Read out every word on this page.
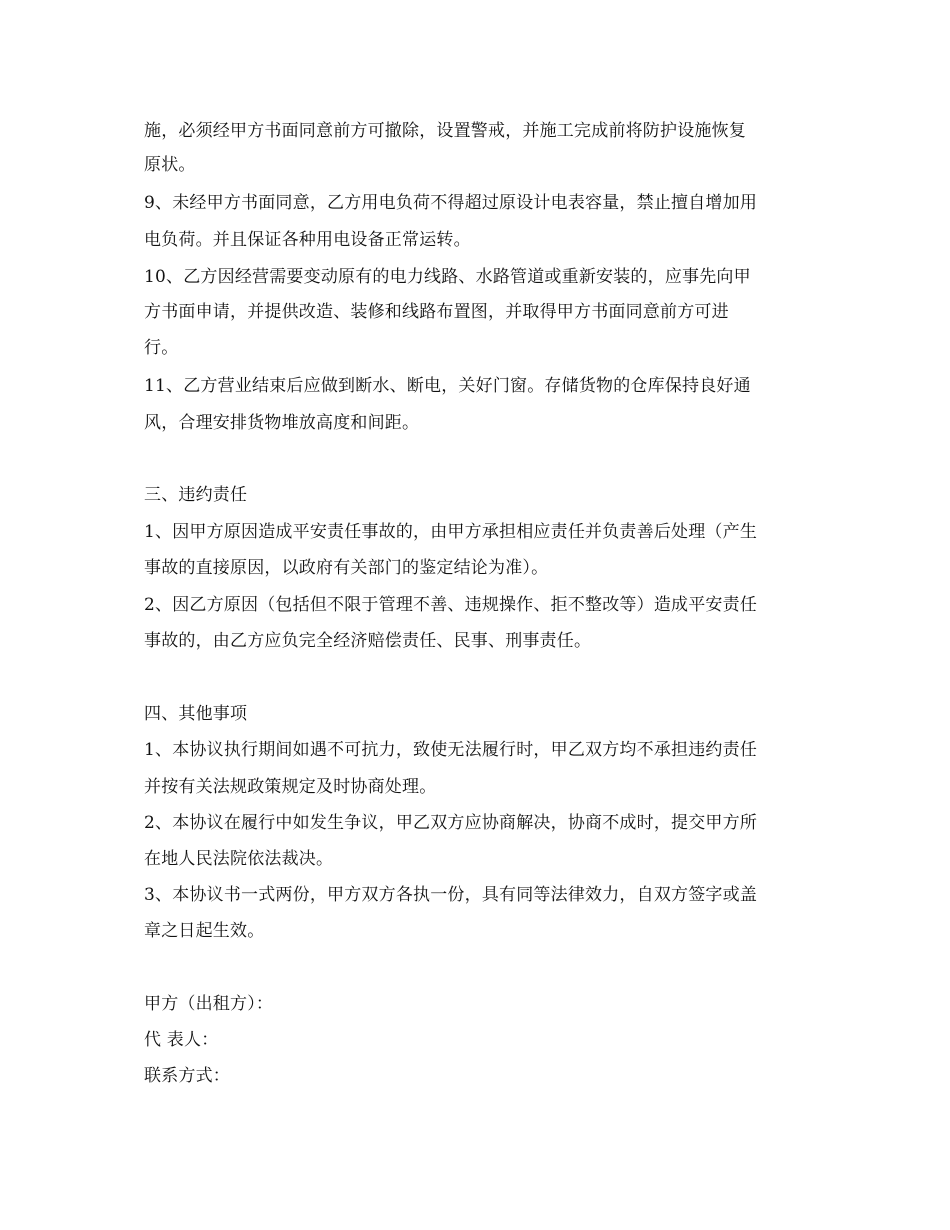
施，必须经甲方书面同意前方可撤除，设置警戒，并施工完成前将防护设施恢复
原状。
9、未经甲方书面同意，乙方用电负荷不得超过原设计电表容量，禁止擅自增加用
电负荷。并且保证各种用电设备正常运转。
10、乙方因经营需要变动原有的电力线路、水路管道或重新安装的，应事先向甲
方书面申请，并提供改造、装修和线路布置图，并取得甲方书面同意前方可进
行。
11、乙方营业结束后应做到断水、断电，关好门窗。存储货物的仓库保持良好通
风，合理安排货物堆放高度和间距。
三、违约责任
1、因甲方原因造成平安责任事故的，由甲方承担相应责任并负责善后处理（产生
事故的直接原因，以政府有关部门的鉴定结论为准）。
2、因乙方原因（包括但不限于管理不善、违规操作、拒不整改等）造成平安责任
事故的，由乙方应负完全经济赔偿责任、民事、刑事责任。
四、其他事项
1、本协议执行期间如遇不可抗力，致使无法履行时，甲乙双方均不承担违约责任
并按有关法规政策规定及时协商处理。
2、本协议在履行中如发生争议，甲乙双方应协商解决，协商不成时，提交甲方所
在地人民法院依法裁决。
3、本协议书一式两份，甲方双方各执一份，具有同等法律效力，自双方签字或盖
章之日起生效。
甲方（出租方）：
代 表人：
联系方式：
